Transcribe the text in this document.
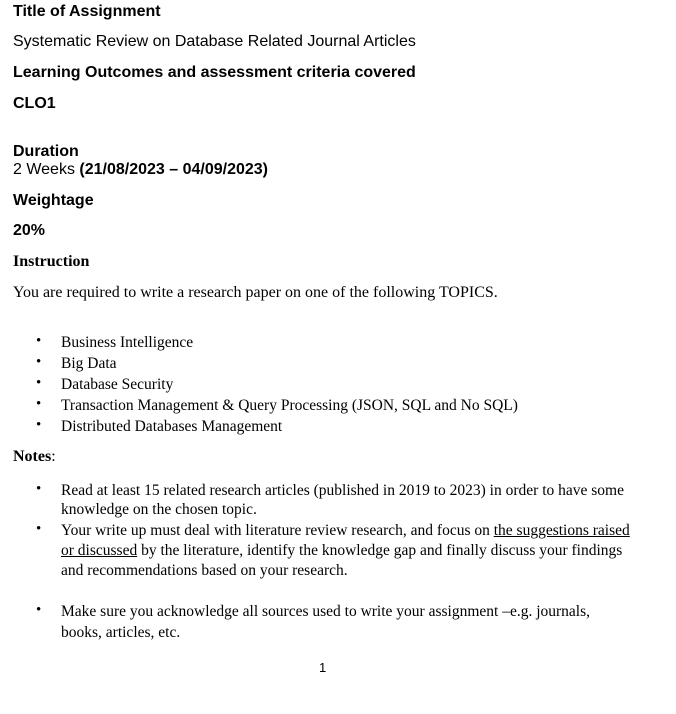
Title of Assignment
Systematic Review on Database Related Journal Articles
Learning Outcomes and assessment criteria covered
CLO1
Duration
2 Weeks (21/08/2023 – 04/09/2023)
Weightage
20%
Instruction
You are required to write a research paper on one of the following TOPICS.
• Business Intelligence
• Big Data
• Database Security
• Transaction Management & Query Processing (JSON, SQL and No SQL)
• Distributed Databases Management
Notes:
• Read at least 15 related research articles (published in 2019 to 2023) in order to have some
knowledge on the chosen topic.
• Your write up must deal with literature review research, and focus on the suggestions raised
or discussed by the literature, identify the knowledge gap and finally discuss your findings
and recommendations based on your research.
• Make sure you acknowledge all sources used to write your assignment –e.g. journals,
books, articles, etc.
1
